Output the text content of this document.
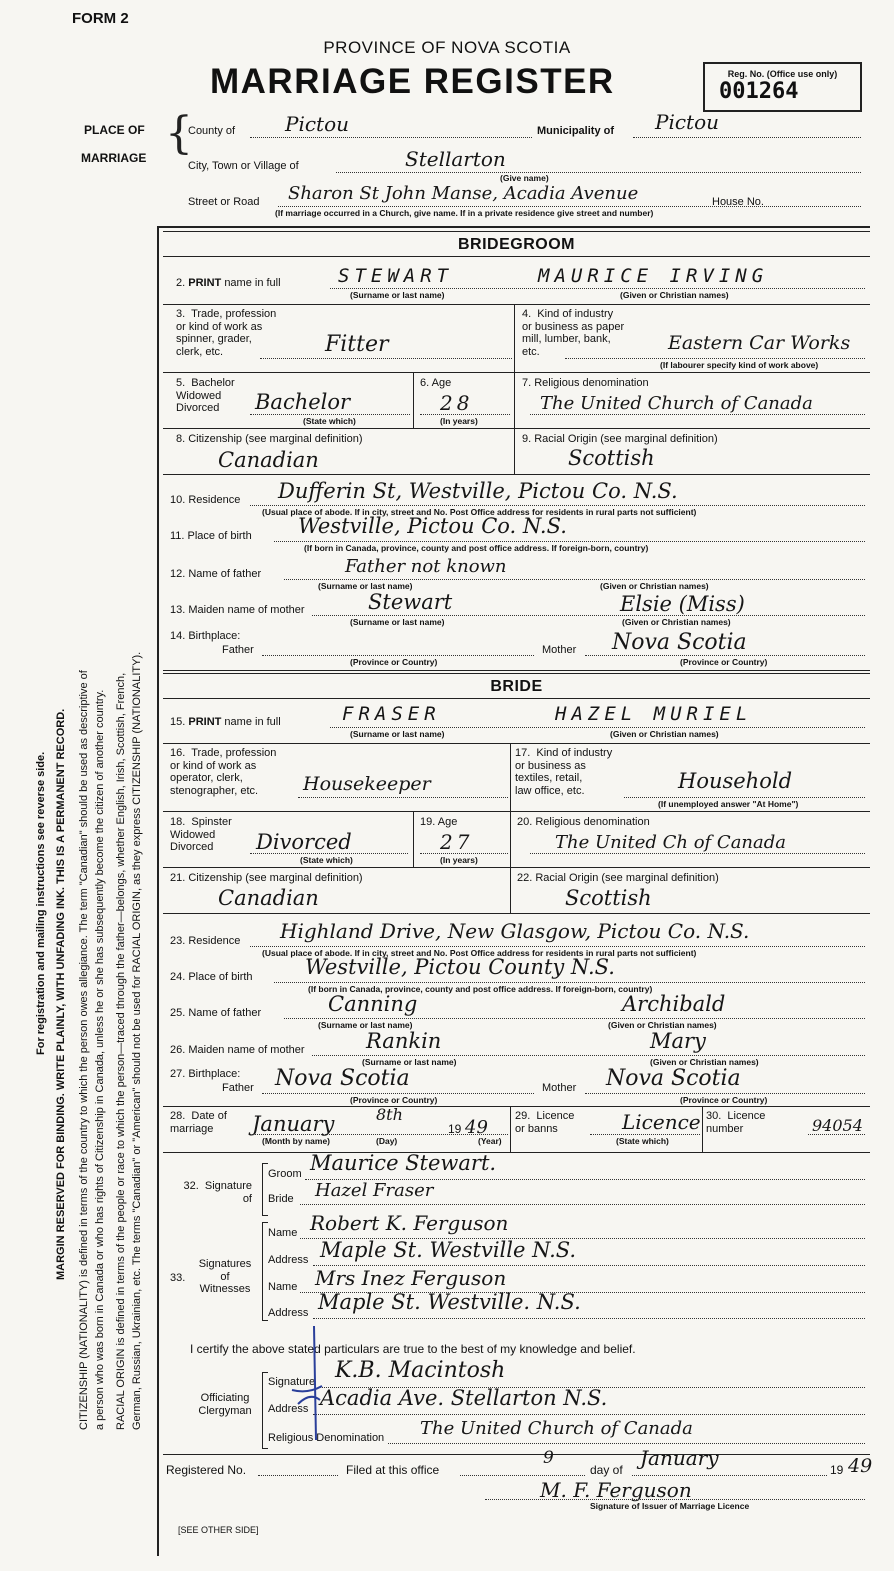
FORM 2
PROVINCE OF NOVA SCOTIA
MARRIAGE REGISTER	Reg. No. (Office use only)
001264
PLACE OF
MARRIAGE {
County of Pictou	Municipality of Pictou
City, Town or Village of	Stellarton
(Give name)
Street or Road Sharon St John Manse, Acadia Avenue	House No.
(If marriage occurred in a Church, give name. If in a private residence give street and number)
MARGIN RESERVED FOR BINDING. WRITE PLAINLY, WITH UNFADING INK. THIS IS A PERMANENT RECORD.
For registration and mailing instructions see reverse side.	CITIZENSHIP (NATIONALITY) is defined in terms of the country to which the person owes allegiance. The term "Canadian" should be used as descriptive of a person who was born in Canada or who has rights of Citizenship in Canada, unless he or she has subsequently become the citizen of another country. RACIAL ORIGIN is defined in terms of the people or race to which the person—traced through the father—belongs, whether English, Irish, Scottish, French, German, Russian, Ukrainian, etc. The terms "Canadian" or "American" should not be used for RACIAL ORIGIN, as they express CITIZENSHIP (NATIONALITY).
BRIDEGROOM
2. PRINT name in full	STEWART	MAURICE IRVING
(Surname or last name)	(Given or Christian names)
3.  Trade, profession
or kind of work as
spinner, grader,
clerk, etc.	Fitter
4.  Kind of industry
or business as paper
mill, lumber, bank,
etc.	Eastern Car Works
(If labourer specify kind of work above)
5.  Bachelor
Widowed
Divorced	Bachelor
(State which)
6. Age
28
(In years)
7. Religious denomination
The United Church of Canada
8. Citizenship (see marginal definition)
Canadian
9. Racial Origin (see marginal definition)
Scottish
10. Residence Dufferin St, Westville, Pictou Co. N.S.
(Usual place of abode. If in city, street and No. Post Office address for residents in rural parts not sufficient)
11. Place of birth Westville, Pictou Co. N.S.
(If born in Canada, province, county and post office address. If foreign-born, country)
12. Name of father	Father not known
(Surname or last name)	(Given or Christian names)
13. Maiden name of mother	Stewart	Elsie (Miss)
(Surname or last name)	(Given or Christian names)
14. Birthplace:
Father
(Province or Country)
Mother Nova Scotia
(Province or Country)
BRIDE
15. PRINT name in full	FRASER	HAZEL MURIEL
(Surname or last name)	(Given or Christian names)
16.  Trade, profession
or kind of work as
operator, clerk,
stenographer, etc.	Housekeeper
17.  Kind of industry
or business as
textiles, retail,
law office, etc.	Household
(If unemployed answer "At Home")
18.  Spinster
Widowed
Divorced	Divorced
(State which)
19. Age
27
(In years)
20. Religious denomination
The United Ch of Canada
21. Citizenship (see marginal definition)
Canadian
22. Racial Origin (see marginal definition)
Scottish
23. Residence Highland Drive, New Glasgow, Pictou Co. N.S.
(Usual place of abode. If in city, street and No. Post Office address for residents in rural parts not sufficient)
24. Place of birth Westville, Pictou County N.S.
(If born in Canada, province, county and post office address. If foreign-born, country)
25. Name of father	Canning	Archibald
(Surname or last name)	(Given or Christian names)
26. Maiden name of mother	Rankin	Mary
(Surname or last name)	(Given or Christian names)
27. Birthplace:
Father Nova Scotia
(Province or Country)
Mother Nova Scotia
(Province or Country)
28.  Date of
marriage	January	8th
19 49
(Month by name)	(Day)	(Year)
29.  Licence
or banns	Licence
(State which)
30.  Licence
number	94054
32.  Signature
of
Groom Maurice Stewart.
Bride Hazel Fraser
Signatures
of
Witnesses
33.
Name Robert K. Ferguson
Address Maple St. Westville N.S.
Name Mrs Inez Ferguson
Address Maple St. Westville. N.S.
I certify the above stated particulars are true to the best of my knowledge and belief.
Officiating
Clergyman
Signature K.B. Macintosh
Address Acadia Ave. Stellarton N.S.
Religious Denomination The United Church of Canada
Registered No.	Filed at this office
9
day of January	19 49
M. F. Ferguson
Signature of Issuer of Marriage Licence
[SEE OTHER SIDE]
